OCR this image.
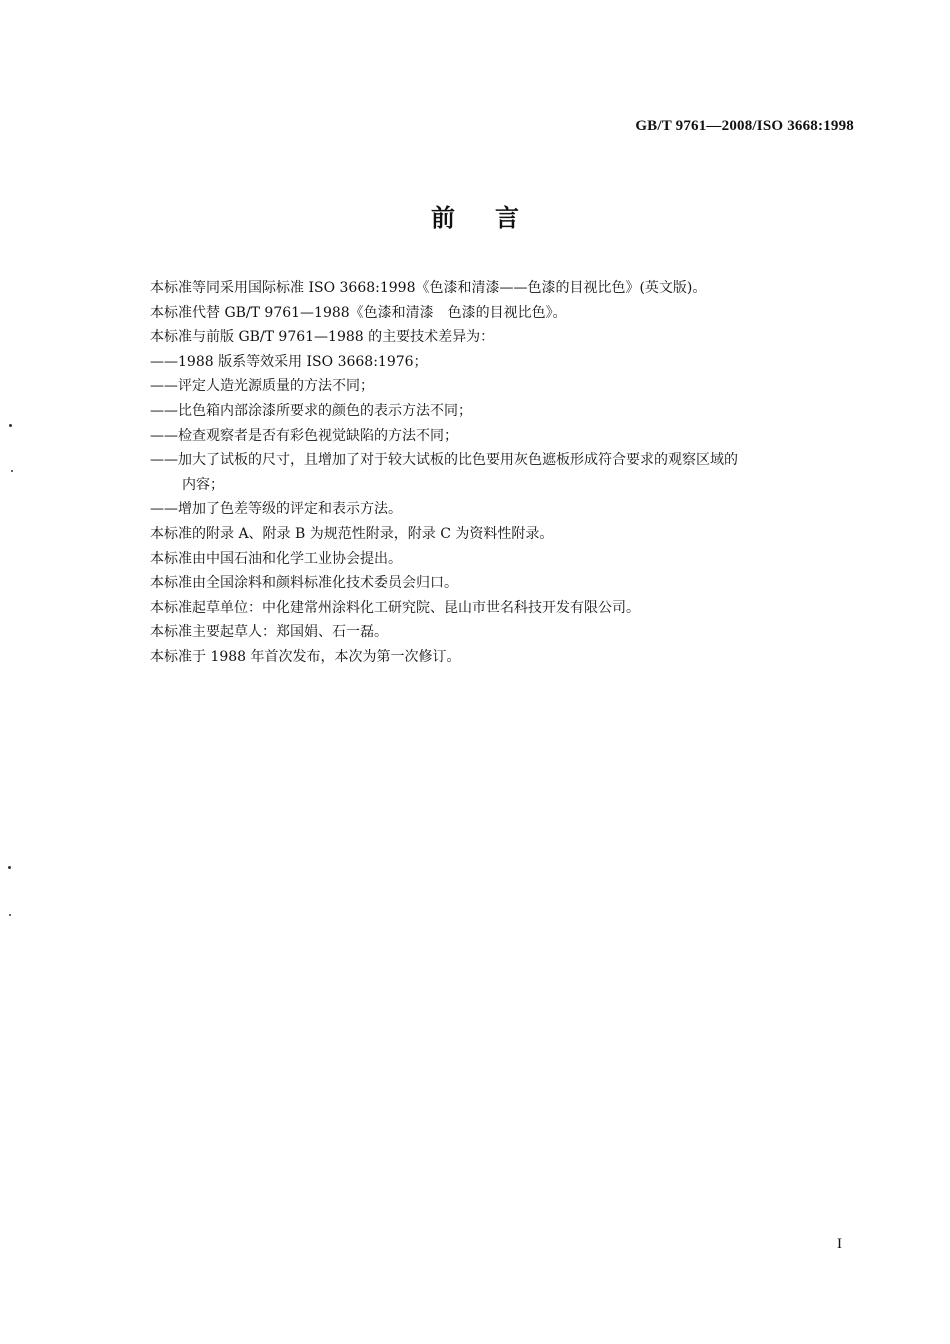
GB/T 9761—2008/ISO 3668:1998
前言
本标准等同采用国际标准 ISO 3668:1998《色漆和清漆——色漆的目视比色》(英文版)。
本标准代替 GB/T 9761—1988《色漆和清漆　色漆的目视比色》。
本标准与前版 GB/T 9761—1988 的主要技术差异为：
——1988 版系等效采用 ISO 3668:1976；
——评定人造光源质量的方法不同；
——比色箱内部涂漆所要求的颜色的表示方法不同；
——检查观察者是否有彩色视觉缺陷的方法不同；
——加大了试板的尺寸，且增加了对于较大试板的比色要用灰色遮板形成符合要求的观察区域的
内容；
——增加了色差等级的评定和表示方法。
本标准的附录 A、附录 B 为规范性附录，附录 C 为资料性附录。
本标准由中国石油和化学工业协会提出。
本标准由全国涂料和颜料标准化技术委员会归口。
本标准起草单位：中化建常州涂料化工研究院、昆山市世名科技开发有限公司。
本标准主要起草人：郑国娟、石一磊。
本标准于 1988 年首次发布，本次为第一次修订。
I
